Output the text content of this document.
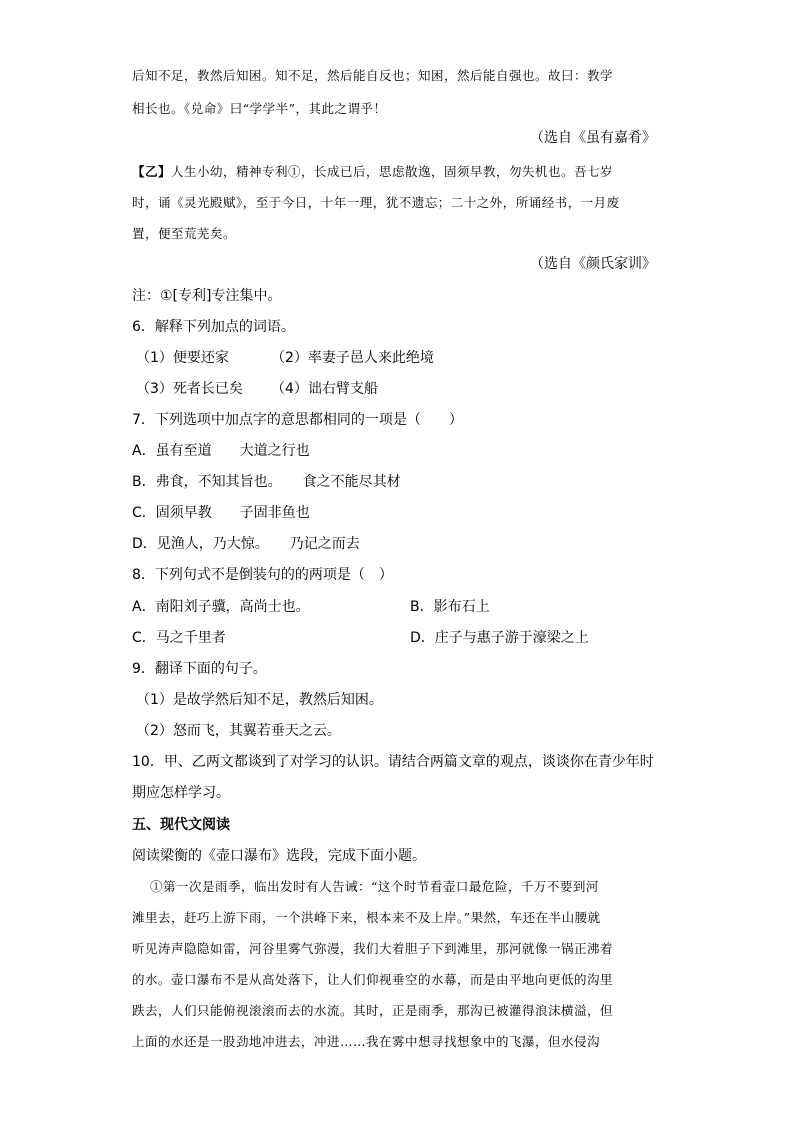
后知不足，教然后知困。知不足，然后能自反也；知困，然后能自强也。故曰：教学
相长也。《兑命》曰“学学半”，其此之谓乎！
（选自《虽有嘉肴》
【乙】人生小幼，精神专利①，长成已后，思虑散逸，固须早教，勿失机也。吾七岁
时，诵《灵光殿赋》，至于今日，十年一理，犹不遗忘；二十之外，所诵经书，一月废
置，便至荒芜矣。
（选自《颜氏家训》
注：①[专利]专注集中。
6．解释下列加点的词语。
（1）便要还家	（2）率妻子邑人来此绝境
（3）死者长已矣 （4）诎右臂支船
7．下列选项中加点字的意思都相同的一项是（　　）
A．虽有至道　　大道之行也
B．弗食，不知其旨也。　　食之不能尽其材
C．固须早教　　子固非鱼也
D．见渔人，乃大惊。　　乃记之而去
8．下列句式不是倒装句的的两项是（　）
A．南阳刘子骥，高尚士也。	B．影布石上
C．马之千里者	D．庄子与惠子游于濠梁之上
9．翻译下面的句子。
（1）是故学然后知不足，教然后知困。
（2）怒而飞，其翼若垂天之云。
10．甲、乙两文都谈到了对学习的认识。请结合两篇文章的观点，谈谈你在青少年时
期应怎样学习。
五、现代文阅读
阅读梁衡的《壶口瀑布》选段，完成下面小题。
①第一次是雨季，临出发时有人告诫：“这个时节看壶口最危险，千万不要到河
滩里去，赶巧上游下雨，一个洪峰下来，根本来不及上岸。”果然，车还在半山腰就
听见涛声隐隐如雷，河谷里雾气弥漫，我们大着胆子下到滩里，那河就像一锅正沸着
的水。壶口瀑布不是从高处落下，让人们仰视垂空的水幕，而是由平地向更低的沟里
跌去，人们只能俯视滚滚而去的水流。其时，正是雨季，那沟已被灌得浪沫横溢，但
上面的水还是一股劲地冲进去，冲进……我在雾中想寻找想象中的飞瀑，但水侵沟
